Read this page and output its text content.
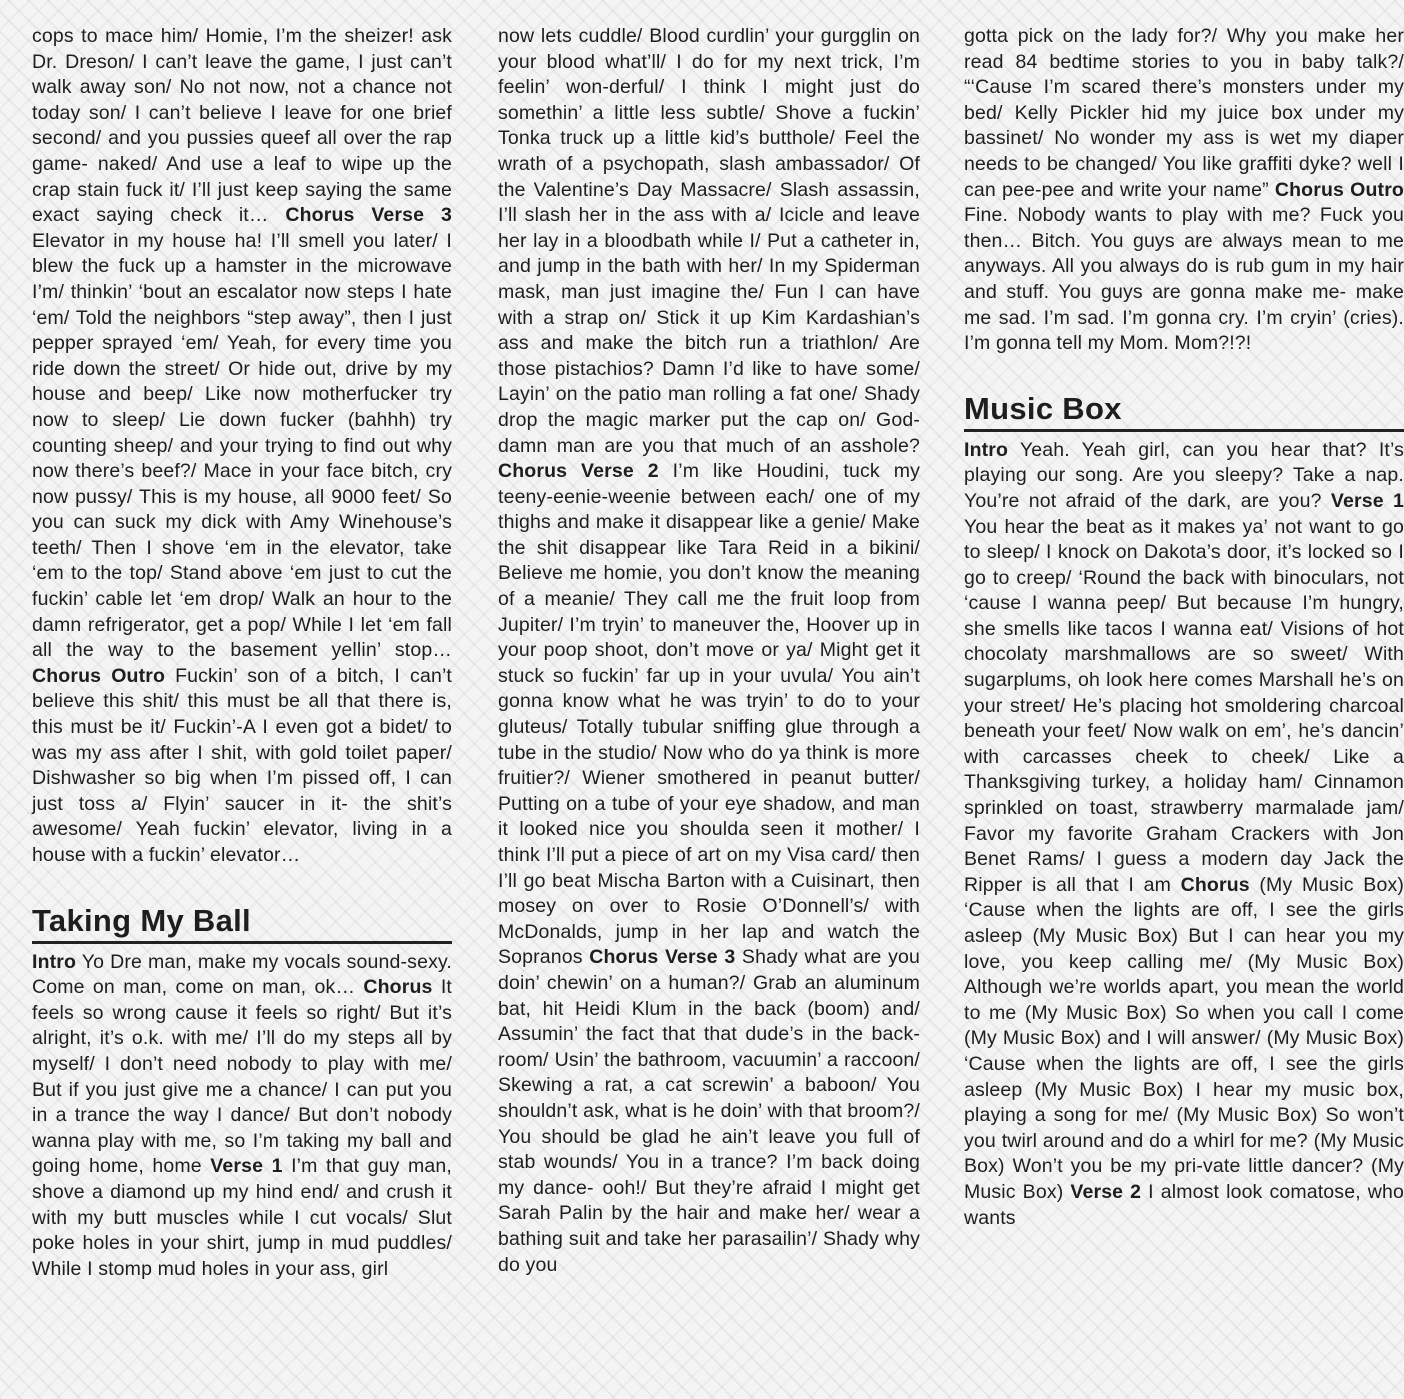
cops to mace him/ Homie, I’m the sheizer! ask Dr. Dreson/ I can’t leave the game, I just can’t walk away son/ No not now, not a chance not today son/ I can’t believe I leave for one brief second/ and you pussies queef all over the rap game- naked/ And use a leaf to wipe up the crap stain fuck it/ I’ll just keep saying the same exact saying check it… Chorus Verse 3 Elevator in my house ha! I’ll smell you later/ I blew the fuck up a hamster in the microwave I’m/ thinkin’ ‘bout an escalator now steps I hate ‘em/ Told the neighbors “step away”, then I just pepper sprayed ‘em/ Yeah, for every time you ride down the street/ Or hide out, drive by my house and beep/ Like now motherfucker try now to sleep/ Lie down fucker (bahhh) try counting sheep/ and your trying to find out why now there’s beef?/ Mace in your face bitch, cry now pussy/ This is my house, all 9000 feet/ So you can suck my dick with Amy Winehouse’s teeth/ Then I shove ‘em in the elevator, take ‘em to the top/ Stand above ‘em just to cut the fuckin’ cable let ‘em drop/ Walk an hour to the damn refrigerator, get a pop/ While I let ‘em fall all the way to the basement yellin’ stop… Chorus Outro Fuckin’ son of a bitch, I can’t believe this shit/ this must be all that there is, this must be it/ Fuckin’-A I even got a bidet/ to was my ass after I shit, with gold toilet paper/ Dishwasher so big when I’m pissed off, I can just toss a/ Flyin’ saucer in it- the shit’s awesome/ Yeah fuckin’ elevator, living in a house with a fuckin’ elevator…

Taking My Ball

Intro Yo Dre man, make my vocals sound-sexy. Come on man, come on man, ok… Chorus It feels so wrong cause it feels so right/ But it’s alright, it’s o.k. with me/ I’ll do my steps all by myself/ I don’t need nobody to play with me/ But if you just give me a chance/ I can put you in a trance the way I dance/ But don’t nobody wanna play with me, so I’m taking my ball and going home, home Verse 1 I’m that guy man, shove a diamond up my hind end/ and crush it with my butt muscles while I cut vocals/ Slut poke holes in your shirt, jump in mud puddles/ While I stomp mud holes in your ass, girl

now lets cuddle/ Blood curdlin’ your gurgglin on your blood what’ll/ I do for my next trick, I’m feelin’ won-derful/ I think I might just do somethin’ a little less subtle/ Shove a fuckin’ Tonka truck up a little kid’s butthole/ Feel the wrath of a psychopath, slash ambassador/ Of the Valentine’s Day Massacre/ Slash assassin, I’ll slash her in the ass with a/ Icicle and leave her lay in a bloodbath while I/ Put a catheter in, and jump in the bath with her/ In my Spiderman mask, man just imagine the/ Fun I can have with a strap on/ Stick it up Kim Kardashian’s ass and make the bitch run a triathlon/ Are those pistachios? Damn I’d like to have some/ Layin’ on the patio man rolling a fat one/ Shady drop the magic marker put the cap on/ God-damn man are you that much of an asshole? Chorus Verse 2 I’m like Houdini, tuck my teeny-eenie-weenie between each/ one of my thighs and make it disappear like a genie/ Make the shit disappear like Tara Reid in a bikini/ Believe me homie, you don’t know the meaning of a meanie/ They call me the fruit loop from Jupiter/ I’m tryin’ to maneuver the, Hoover up in your poop shoot, don’t move or ya/ Might get it stuck so fuckin’ far up in your uvula/ You ain’t gonna know what he was tryin’ to do to your gluteus/ Totally tubular sniffing glue through a tube in the studio/ Now who do ya think is more fruitier?/ Wiener smothered in peanut butter/ Putting on a tube of your eye shadow, and man it looked nice you shoulda seen it mother/ I think I’ll put a piece of art on my Visa card/ then I’ll go beat Mischa Barton with a Cuisinart, then mosey on over to Rosie O’Donnell’s/ with McDonalds, jump in her lap and watch the Sopranos Chorus Verse 3 Shady what are you doin’ chewin’ on a human?/ Grab an aluminum bat, hit Heidi Klum in the back (boom) and/ Assumin’ the fact that that dude’s in the back-room/ Usin’ the bathroom, vacuumin’ a raccoon/ Skewing a rat, a cat screwin’ a baboon/ You shouldn’t ask, what is he doin’ with that broom?/ You should be glad he ain’t leave you full of stab wounds/ You in a trance? I’m back doing my dance- ooh!/ But they’re afraid I might get Sarah Palin by the hair and make her/ wear a bathing suit and take her parasailin’/ Shady why do you

gotta pick on the lady for?/ Why you make her read 84 bedtime stories to you in baby talk?/ “‘Cause I’m scared there’s monsters under my bed/ Kelly Pickler hid my juice box under my bassinet/ No wonder my ass is wet my diaper needs to be changed/ You like graffiti dyke? well I can pee-pee and write your name” Chorus Outro Fine. Nobody wants to play with me? Fuck you then… Bitch. You guys are always mean to me anyways. All you always do is rub gum in my hair and stuff. You guys are gonna make me- make me sad. I’m sad. I’m gonna cry. I’m cryin’ (cries). I’m gonna tell my Mom. Mom?!?!

Music Box

Intro Yeah. Yeah girl, can you hear that? It’s playing our song. Are you sleepy? Take a nap. You’re not afraid of the dark, are you? Verse 1 You hear the beat as it makes ya’ not want to go to sleep/ I knock on Dakota’s door, it’s locked so I go to creep/ ‘Round the back with binoculars, not ‘cause I wanna peep/ But because I’m hungry, she smells like tacos I wanna eat/ Visions of hot chocolaty marshmallows are so sweet/ With sugarplums, oh look here comes Marshall he’s on your street/ He’s placing hot smoldering charcoal beneath your feet/ Now walk on em’, he’s dancin’ with carcasses cheek to cheek/ Like a Thanksgiving turkey, a holiday ham/ Cinnamon sprinkled on toast, strawberry marmalade jam/ Favor my favorite Graham Crackers with Jon Benet Rams/ I guess a modern day Jack the Ripper is all that I am Chorus (My Music Box) ‘Cause when the lights are off, I see the girls asleep (My Music Box) But I can hear you my love, you keep calling me/ (My Music Box) Although we’re worlds apart, you mean the world to me (My Music Box) So when you call I come (My Music Box) and I will answer/ (My Music Box) ‘Cause when the lights are off, I see the girls asleep (My Music Box) I hear my music box, playing a song for me/ (My Music Box) So won’t you twirl around and do a whirl for me? (My Music Box) Won’t you be my pri-vate little dancer? (My Music Box) Verse 2 I almost look comatose, who wants
